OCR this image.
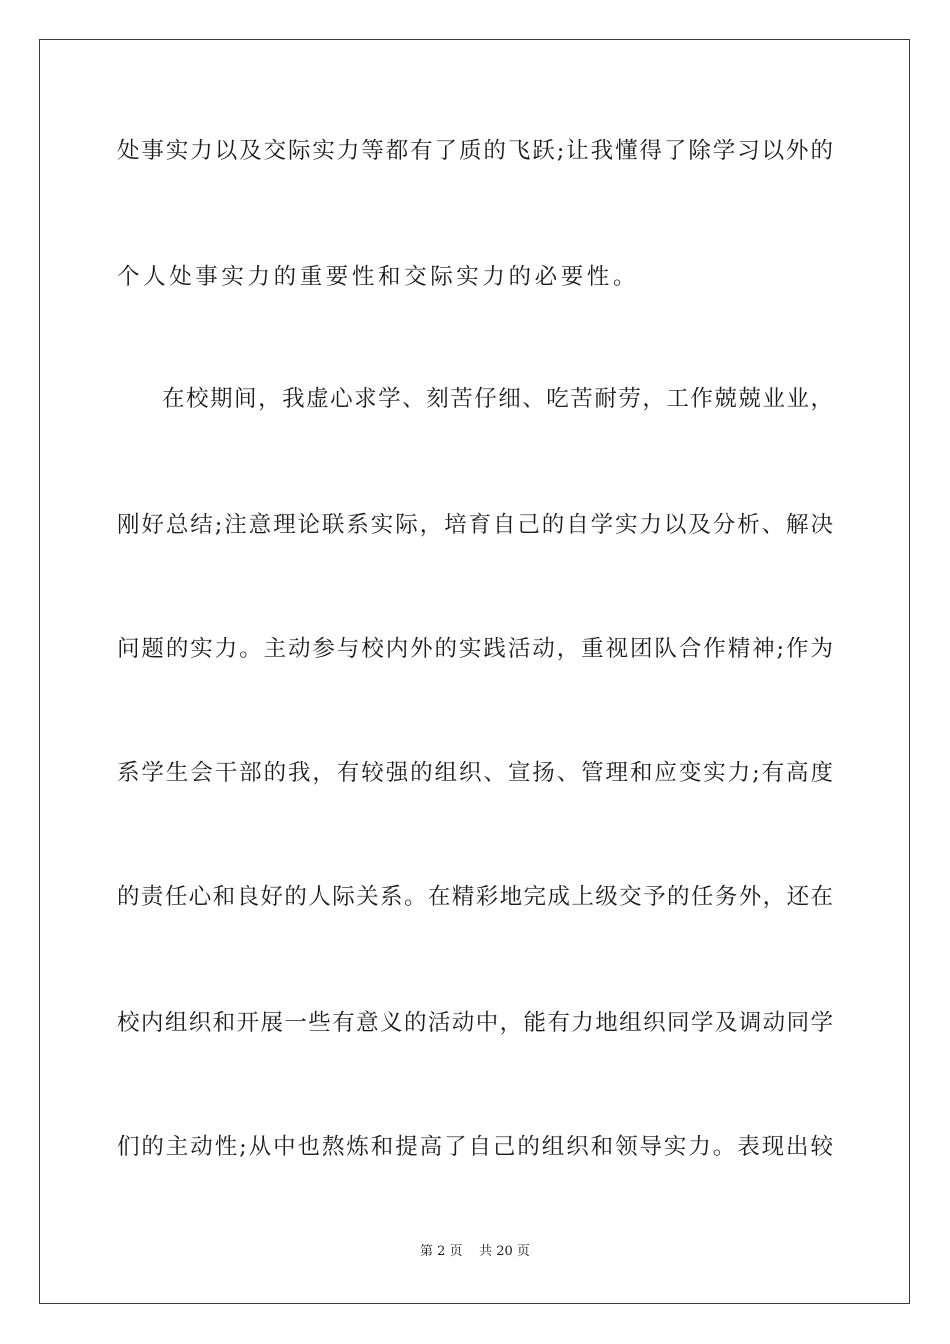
处事实力以及交际实力等都有了质的飞跃;让我懂得了除学习以外的
个人处事实力的重要性和交际实力的必要性。
在校期间，我虚心求学、刻苦仔细、吃苦耐劳，工作兢兢业业，
刚好总结;注意理论联系实际，培育自己的自学实力以及分析、解决
问题的实力。主动参与校内外的实践活动，重视团队合作精神;作为
系学生会干部的我，有较强的组织、宣扬、管理和应变实力;有高度
的责任心和良好的人际关系。在精彩地完成上级交予的任务外，还在
校内组织和开展一些有意义的活动中，能有力地组织同学及调动同学
们的主动性;从中也熬炼和提高了自己的组织和领导实力。表现出较
第 2 页 共 20 页
